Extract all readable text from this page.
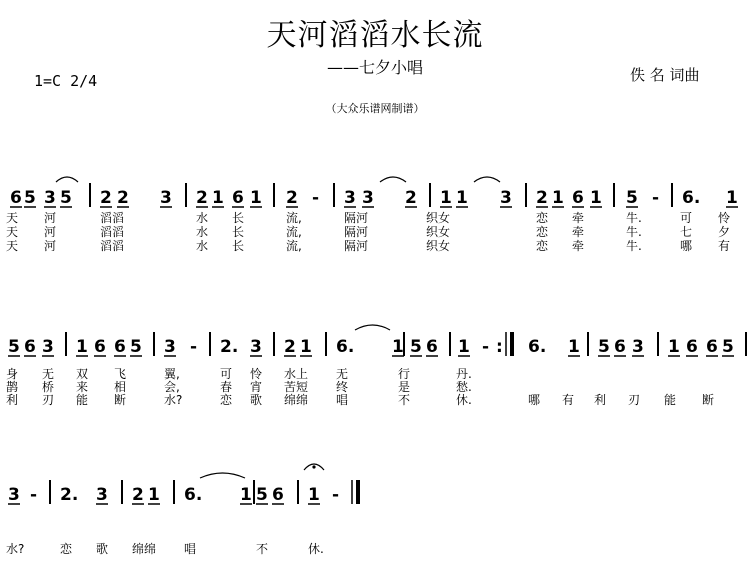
天河滔滔水长流
——七夕小唱
1=C 2/4	佚 名 词曲
（大众乐谱网制谱）
6 5 3 5 2 2 3 2 1 6 1 2 - 3 3 2 1 1 3 2 1 6 1 5 - 6. 1
天 河	滔滔	水 长	流,	隔河	织女	恋 牵	牛.	可 怜
天 河	滔滔	水 长	流,	隔河	织女	恋 牵	牛.	七 夕
天 河	滔滔	水 长	流,	隔河	织女	恋 牵	牛.	哪 有
5 6 3 1 6 6 5 3 - 2. 3 2 1 6. 1 5 6 1 - : 6. 1 5 6 3 1 6 6 5
身 无 双 飞	翼,	可 怜 水上 无	行	丹.
鹊 桥 来 相	会,	春 宵 苦短 终	是	愁.
利 刃 能 断	水?	恋 歌 绵绵 唱	不	休.	哪 有 利 刃 能 断
3 - 2. 3 2 1 6. 1 5 6 1 -
水?	恋 歌 绵绵 唱	不	休.
